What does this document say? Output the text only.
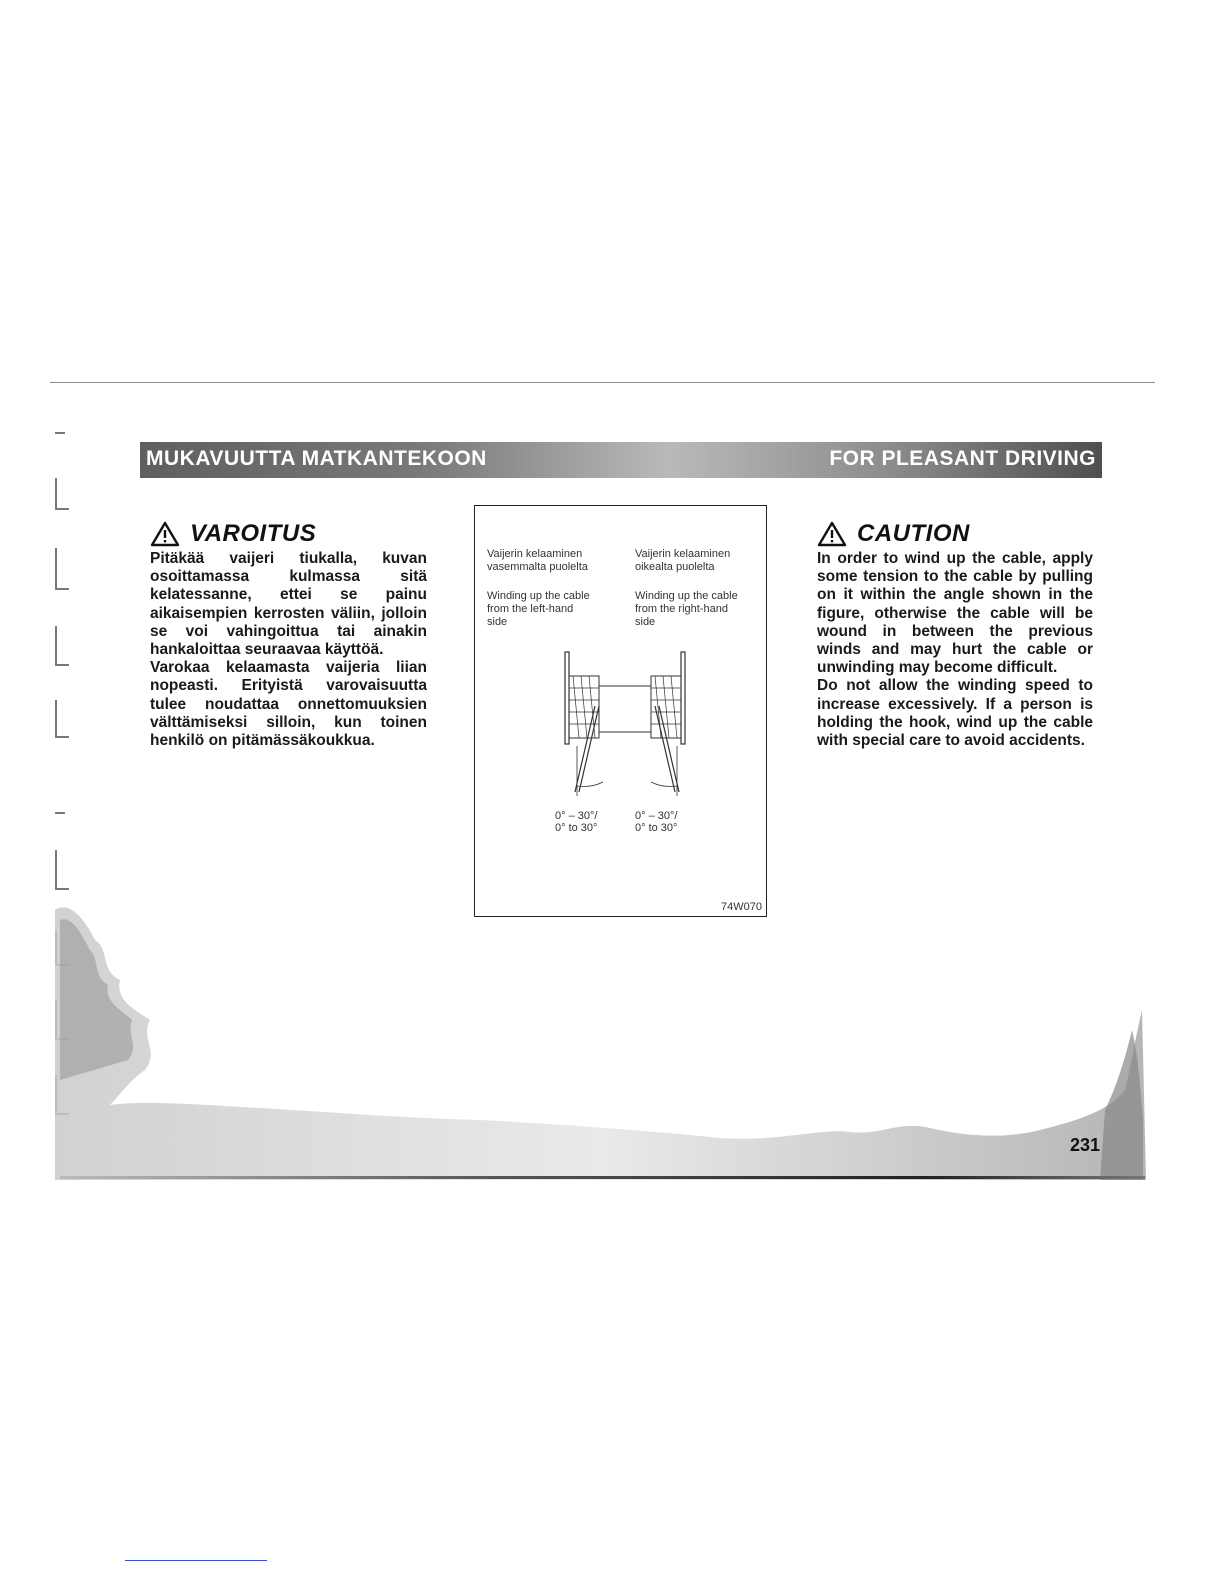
MUKAVUUTTA MATKANTEKOON	FOR PLEASANT DRIVING
VAROITUS

Pitäkää vaijeri tiukalla, kuvan osoittamassa kulmassa sitä kelatessanne, ettei se painu aikaisempien kerrosten väliin, jolloin se voi vahingoittua tai ainakin hankaloittaa seuraavaa käyttöä.

Varokaa kelaamasta vaijeria liian nopeasti. Erityistä varovaisuutta tulee noudattaa onnettomuuksien välttämiseksi silloin, kun toinen henkilö on pitämässäkoukkua.

Vaijerin kelaaminen
vasemmalta puolelta
Vaijerin kelaaminen
oikealta puolelta
Winding up the cable
from the left-hand
side
Winding up the cable
from the right-hand
side
0° – 30°/
0° to 30°
0° – 30°/
0° to 30°
74W070
CAUTION

In order to wind up the cable, apply some tension to the cable by pulling on it within the angle shown in the figure, otherwise the cable will be wound in between the previous winds and may hurt the cable or unwinding may become difficult.

Do not allow the winding speed to increase excessively. If a person is holding the hook, wind up the cable with special care to avoid accidents.

231
